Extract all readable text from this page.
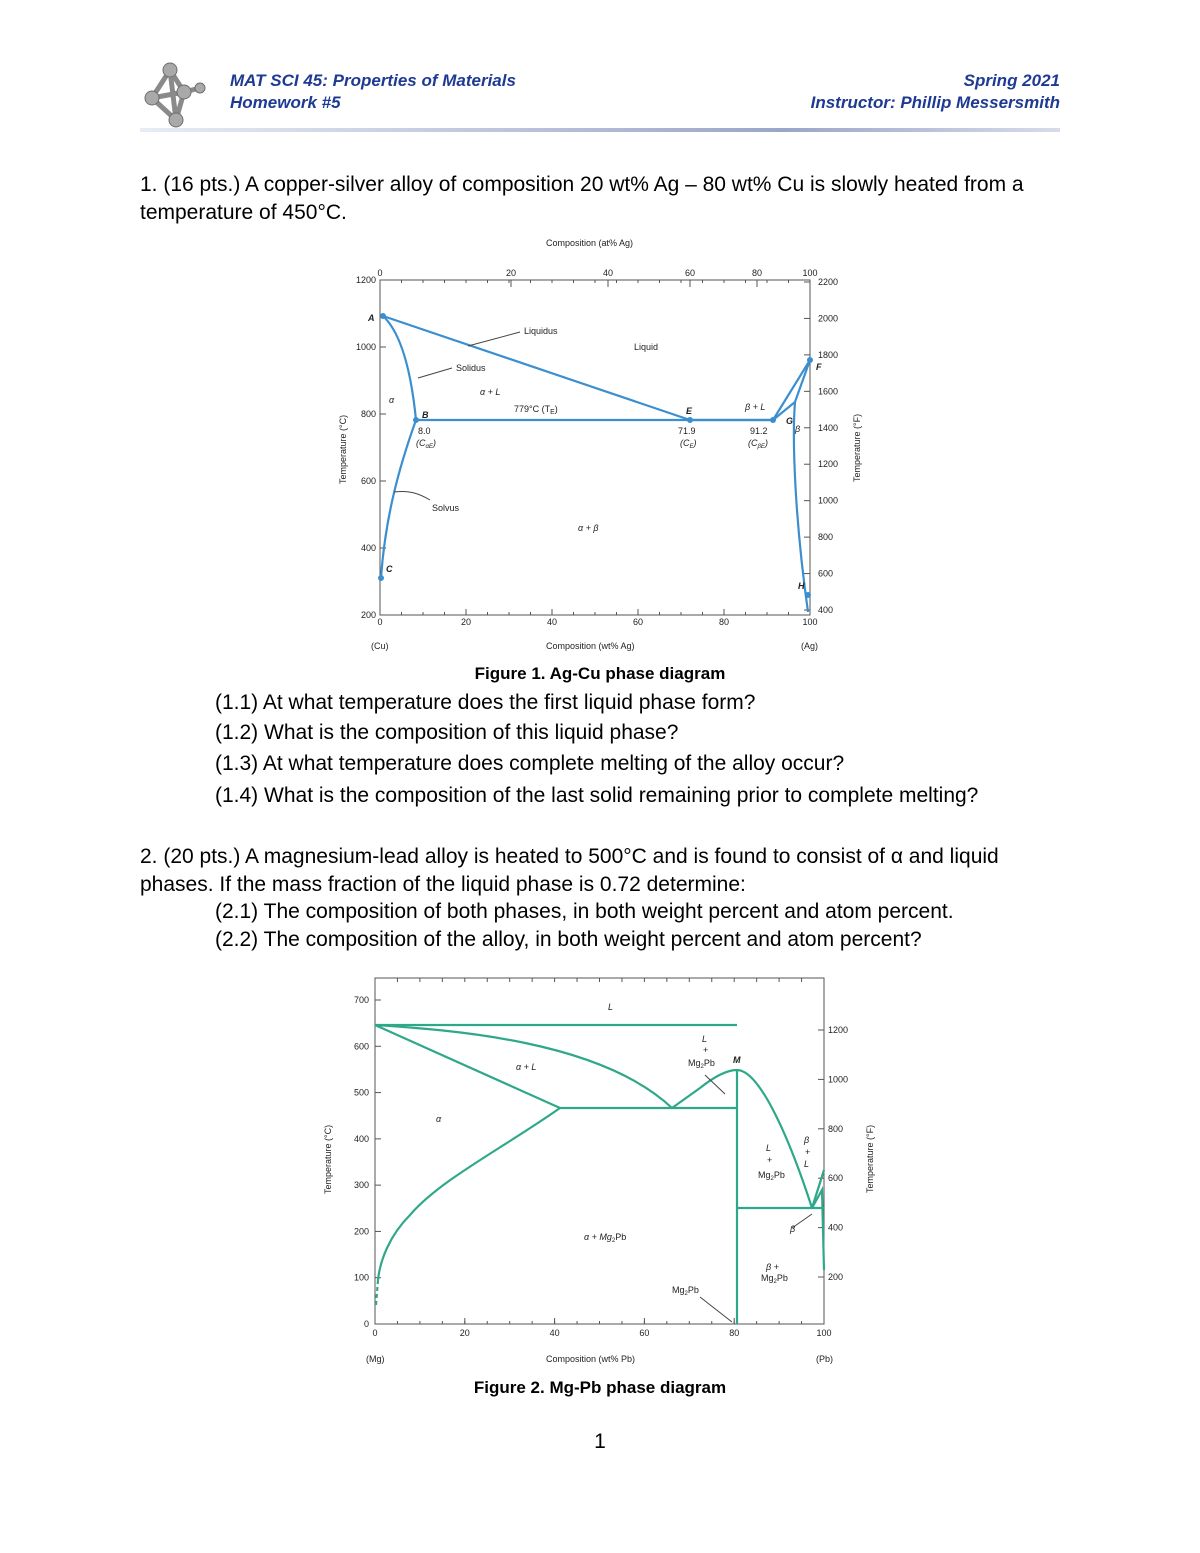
MAT SCI 45: Properties of Materials
Homework #5
Spring 2021
Instructor: Phillip Messersmith
1. (16 pts.) A copper-silver alloy of composition 20 wt% Ag – 80 wt% Cu is slowly heated from a temperature of 450°C.
Composition (at% Ag)
Composition (wt% Ag)
(Cu)	(Ag)
Temperature (°C)	Temperature (°F)
A
B
C
E
F
G
H
Liquidus
Solidus
Solvus
Liquid
α
α + L
β + L
β
α + β
779°C $(T_E)$
8.0
$(C_{\alpha E})$
71.9
$(C_E)$
91.2
$(C_{\beta E})$
0	20	40	60	80	100
0	20	40	60	80	100
1200
1000
800
600
400
200
2200
2000
1800
1600
1400
1200
1000
800
600
400
Figure 1. Ag-Cu phase diagram
(1.1) At what temperature does the first liquid phase form?
(1.2) What is the composition of this liquid phase?
(1.3) At what temperature does complete melting of the alloy occur?
(1.4) What is the composition of the last solid remaining prior to complete melting?
2. (20 pts.) A magnesium-lead alloy is heated to 500°C and is found to consist of α and liquid phases. If the mass fraction of the liquid phase is 0.72 determine:
(2.1) The composition of both phases, in both weight percent and atom percent.
(2.2) The composition of the alloy, in both weight percent and atom percent?
Composition (wt% Pb)
(Mg)	(Pb)
Temperature (°C)	Temperature (°F)
L
α + L
α
M
L
+
$Mg_2Pb$
L
+
$Mg_2Pb$
β
+
L
β
$\alpha + Mg_2Pb$
β +
$Mg_2Pb$
$Mg_2Pb$
0	20	40	60	80	100
700
600
500
400
300
200
100
0
1200
1000
800
600
400
200
Figure 2. Mg-Pb phase diagram
1
